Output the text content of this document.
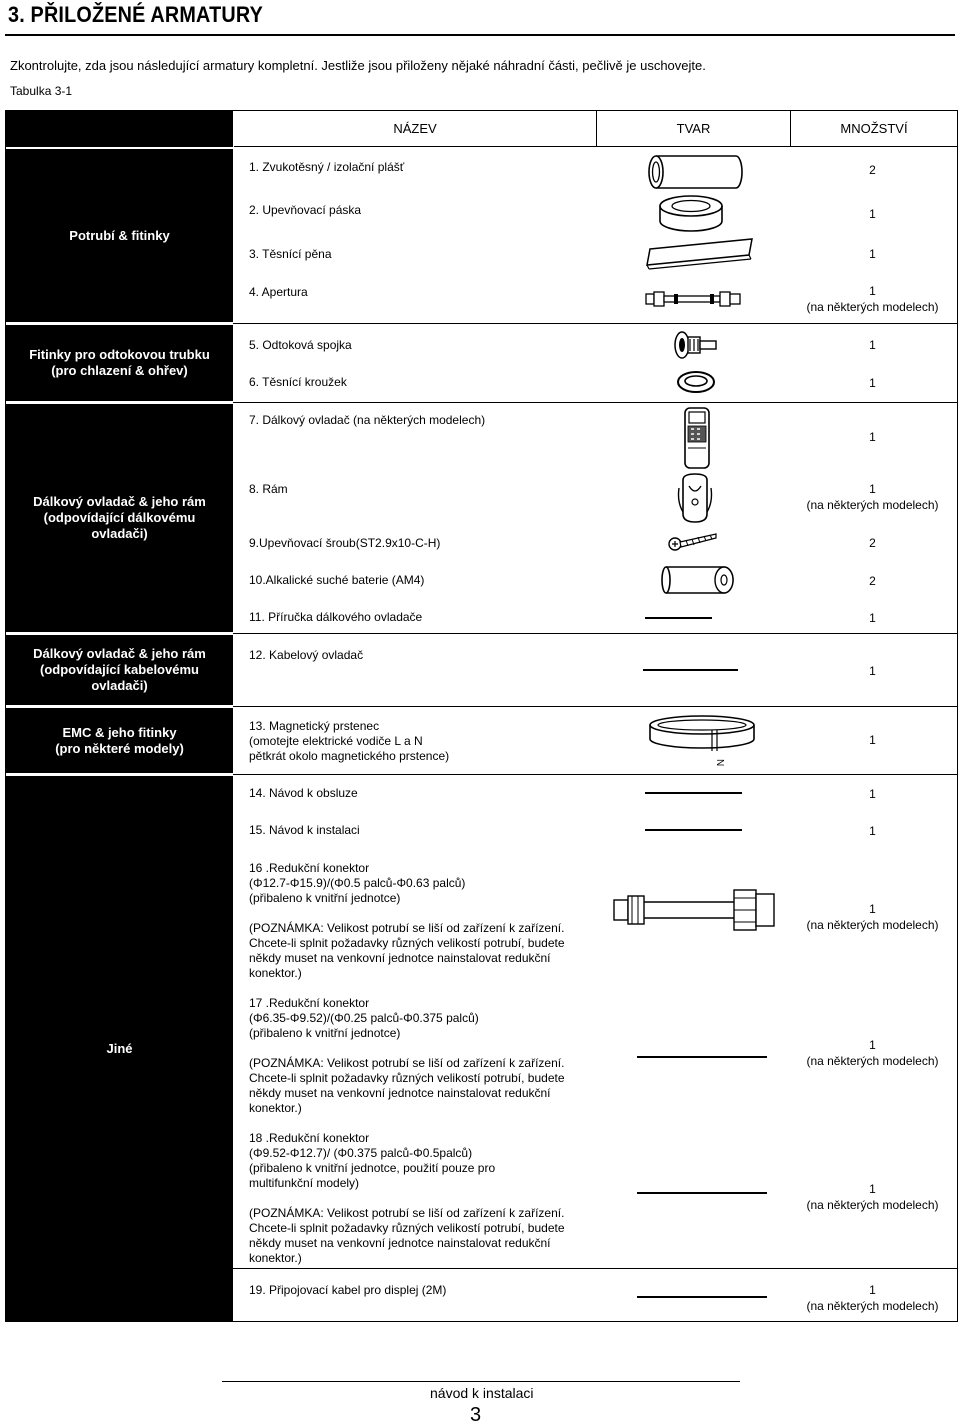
3. PŘILOŽENÉ ARMATURY
Zkontrolujte, zda jsou následující armatury kompletní. Jestliže jsou přiloženy nějaké náhradní části, pečlivě je uschovejte.
Tabulka 3-1
NÁZEV	TVAR	MNOŽSTVÍ
Potrubí & fitinky
Fitinky pro odtokovou trubku
(pro chlazení & ohřev)
Dálkový ovladač & jeho rám
(odpovídající dálkovému
ovladači)
Dálkový ovladač & jeho rám
(odpovídající kabelovému
ovladači)
EMC & jeho fitinky
(pro některé modely)
Jiné
1. Zvukotěsný / izolační plášť
2. Upevňovací páska
3. Těsnící pěna
4. Apertura
5. Odtoková spojka
6. Těsnící kroužek
7. Dálkový ovladač (na některých modelech)
8. Rám
9.Upevňovací šroub(ST2.9x10-C-H)
10.Alkalické suché baterie (AM4)
11. Příručka dálkového ovladače
12. Kabelový ovladač
13. Magnetický prstenec
(omotejte elektrické vodiče L a N
pětkrát okolo magnetického prstence)
14. Návod k obsluze
15. Návod k instalaci
16 .Redukční konektor
(Φ12.7-Φ15.9)/(Φ0.5 palců-Φ0.63 palců)
(přibaleno k vnitřní jednotce)

(POZNÁMKA: Velikost potrubí se liší od zařízení k zařízení.
Chcete-li splnit požadavky různých velikostí potrubí, budete
někdy muset na venkovní jednotce nainstalovat redukční
konektor.)
17 .Redukční konektor
(Φ6.35-Φ9.52)/(Φ0.25 palců-Φ0.375 palců)
(přibaleno k vnitřní jednotce)

(POZNÁMKA: Velikost potrubí se liší od zařízení k zařízení.
Chcete-li splnit požadavky různých velikostí potrubí, budete
někdy muset na venkovní jednotce nainstalovat redukční
konektor.)
18 .Redukční konektor
(Φ9.52-Φ12.7)/ (Φ0.375 palců-Φ0.5palců)
(přibaleno k vnitřní jednotce, použití pouze pro
multifunkční modely)

(POZNÁMKA: Velikost potrubí se liší od zařízení k zařízení.
Chcete-li splnit požadavky různých velikostí potrubí, budete
někdy muset na venkovní jednotce nainstalovat redukční
konektor.)
19. Připojovací kabel pro displej (2M)
2
1
1
1
(na některých modelech)
1
1
1
1
(na některých modelech)
2
2
1
1
1
1
1
1
(na některých modelech)
1
(na některých modelech)
1
(na některých modelech)
1
(na některých modelech)
N
návod k instalaci
3
